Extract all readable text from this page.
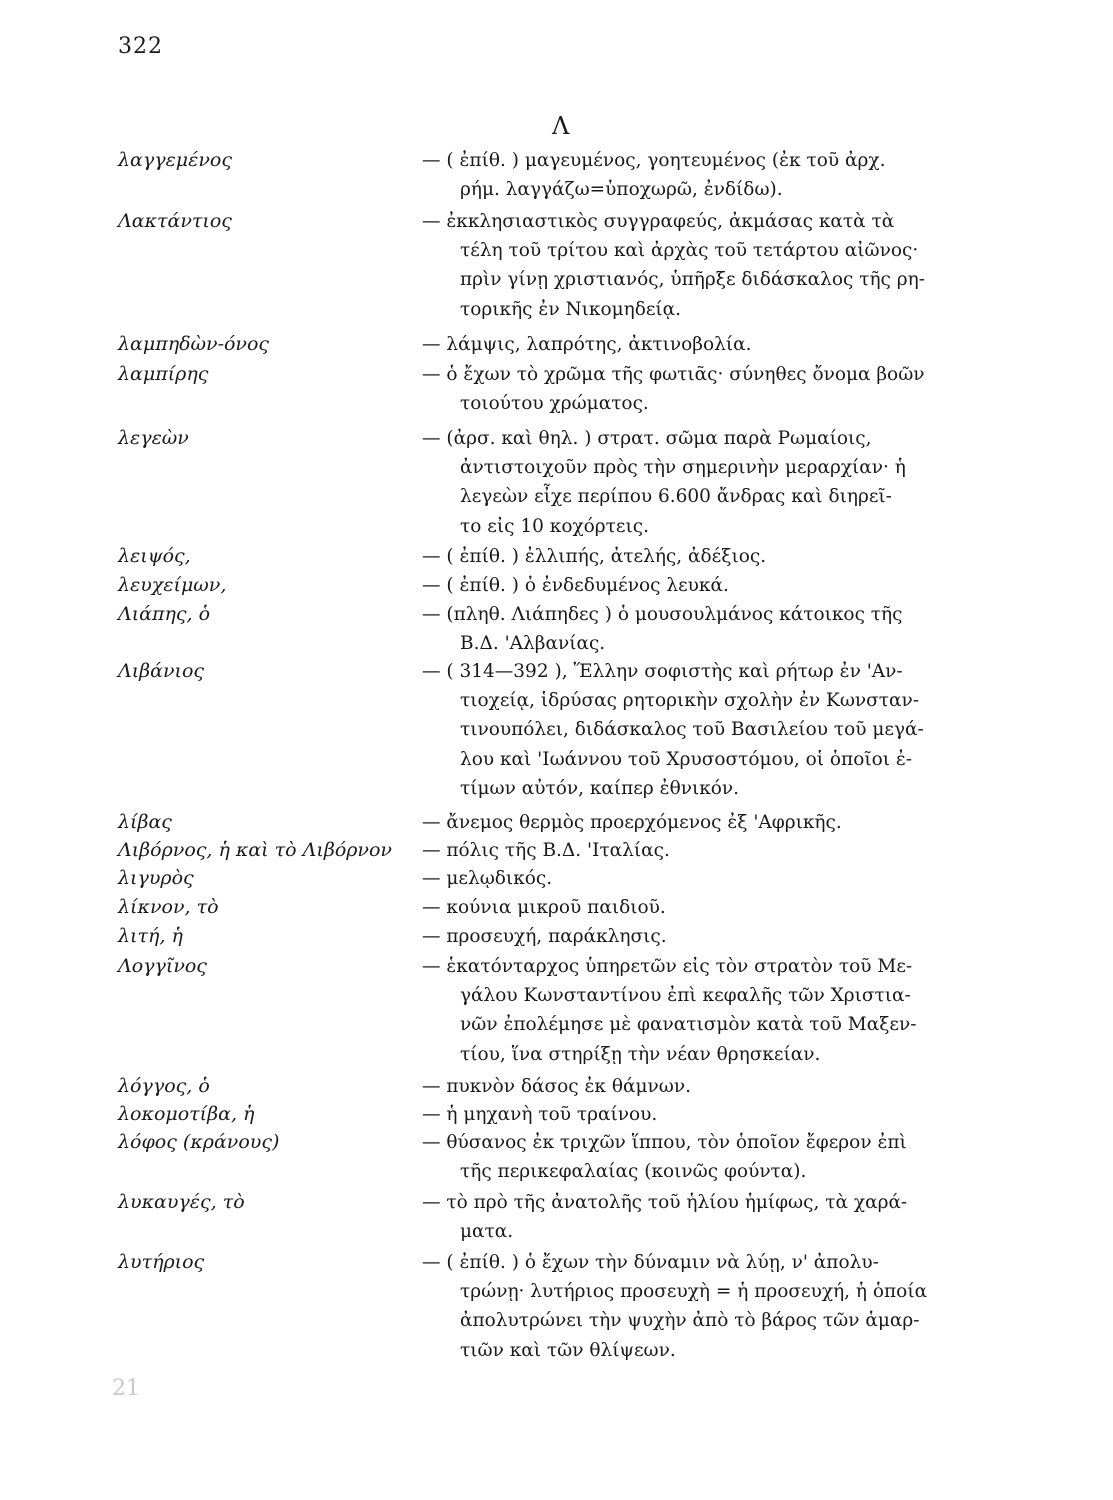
322
Λ
λαγγεμένος	— ( ἐπίθ. ) μαγευμένος, γοητευμένος (ἐκ τοῦ ἀρχ.
ρήμ. λαγγάζω=ὑποχωρῶ, ἐνδίδω).
Λακτάντιος	— ἐκκλησιαστικὸς συγγραφεύς, ἀκμάσας κατὰ τὰ
τέλη τοῦ τρίτου καὶ ἀρχὰς τοῦ τετάρτου αἰῶνος·
πρὶν γίνῃ χριστιανός, ὑπῆρξε διδάσκαλος τῆς ρη-
τορικῆς ἐν Νικομηδείᾳ.
λαμπηδὼν-όνος	— λάμψις, λαπρότης, ἀκτινοβολία.
λαμπίρης	— ὁ ἔχων τὸ χρῶμα τῆς φωτιᾶς· σύνηθες ὄνομα βοῶν
τοιούτου χρώματος.
λεγεὼν	— (ἀρσ. καὶ θηλ. ) στρατ. σῶμα παρὰ Ρωμαίοις,
ἀντιστοιχοῦν πρὸς τὴν σημερινὴν μεραρχίαν· ἡ
λεγεὼν εἶχε περίπου 6.600 ἄνδρας καὶ διηρεῖ-
το εἰς 10 κοχόρτεις.
λειψός,	— ( ἐπίθ. ) ἐλλιπής, ἀτελής, ἀδέξιος.
λευχείμων,	— ( ἐπίθ. ) ὁ ἐνδεδυμένος λευκά.
Λιάπης, ὁ	— (πληθ. Λιάπηδες ) ὁ μουσουλμάνος κάτοικος τῆς
Β.Δ. 'Αλβανίας.
Λιβάνιος	— ( 314—392 ), Ἕλλην σοφιστὴς καὶ ρήτωρ ἐν 'Αν-
τιοχείᾳ, ἱδρύσας ρητορικὴν σχολὴν ἐν Κωνσταν-
τινουπόλει, διδάσκαλος τοῦ Βασιλείου τοῦ μεγά-
λου καὶ 'Ιωάννου τοῦ Χρυσοστόμου, οἱ ὁποῖοι ἐ-
τίμων αὐτόν, καίπερ ἐθνικόν.
λίβας	— ἄνεμος θερμὸς προερχόμενος ἐξ 'Αφρικῆς.
Λιβόρνος, ἡ καὶ τὸ Λιβόρνον — πόλις τῆς Β.Δ. 'Ιταλίας.
λιγυρὸς	— μελῳδικός.
λίκνον, τὸ	— κούνια μικροῦ παιδιοῦ.
λιτή, ἡ	— προσευχή, παράκλησις.
Λογγῖνος	— ἑκατόνταρχος ὑπηρετῶν εἰς τὸν στρατὸν τοῦ Με-
γάλου Κωνσταντίνου ἐπὶ κεφαλῆς τῶν Χριστια-
νῶν ἐπολέμησε μὲ φανατισμὸν κατὰ τοῦ Μαξεν-
τίου, ἵνα στηρίξῃ τὴν νέαν θρησκείαν.
λόγγος, ὁ	— πυκνὸν δάσος ἐκ θάμνων.
λοκομοτίβα, ἡ	— ἡ μηχανὴ τοῦ τραίνου.
λόφος (κράνους)	— θύσανος ἐκ τριχῶν ἵππου, τὸν ὁποῖον ἔφερον ἐπὶ
τῆς περικεφαλαίας (κοινῶς φούντα).
λυκαυγές, τὸ	— τὸ πρὸ τῆς ἀνατολῆς τοῦ ἡλίου ἡμίφως, τὰ χαρά-
ματα.
λυτήριος	— ( ἐπίθ. ) ὁ ἔχων τὴν δύναμιν νὰ λύῃ, ν' ἀπολυ-
τρώνῃ· λυτήριος προσευχὴ = ἡ προσευχή, ἡ ὁποία
ἀπολυτρώνει τὴν ψυχὴν ἀπὸ τὸ βάρος τῶν ἁμαρ-
τιῶν καὶ τῶν θλίψεων.
21
